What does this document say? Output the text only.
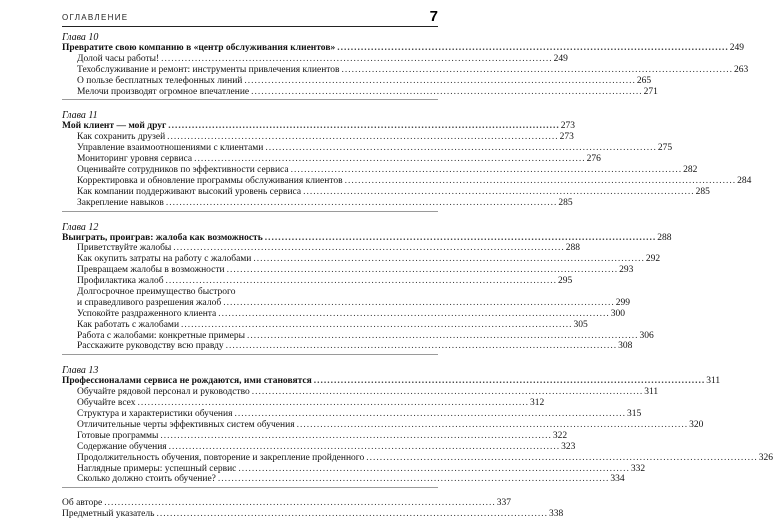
ОГЛАВЛЕНИЕ	7
Глава 10
Превратите свою компанию в «центр обслуживания клиентов» .................................................................................................................... 249
Долой часы работы! .................................................................................................................... 249
Техобслуживание и ремонт: инструменты привлечения клиентов .................................................................................................................... 263
О пользе бесплатных телефонных линий .................................................................................................................... 265
Мелочи производят огромное впечатление .................................................................................................................... 271
Глава 11
Мой клиент — мой друг .................................................................................................................... 273
Как сохранить друзей .................................................................................................................... 273
Управление взаимоотношениями с клиентами .................................................................................................................... 275
Мониторинг уровня сервиса .................................................................................................................... 276
Оценивайте сотрудников по эффективности сервиса .................................................................................................................... 282
Корректировка и обновление программы обслуживания клиентов .................................................................................................................... 284
Как компании поддерживают высокий уровень сервиса .................................................................................................................... 285
Закрепление навыков .................................................................................................................... 285
Глава 12
Выиграть, проиграв: жалоба как возможность .................................................................................................................... 288
Приветствуйте жалобы .................................................................................................................... 288
Как окупить затраты на работу с жалобами .................................................................................................................... 292
Превращаем жалобы в возможности .................................................................................................................... 293
Профилактика жалоб .................................................................................................................... 295
Долгосрочное преимущество быстрого
и справедливого разрешения жалоб .................................................................................................................... 299
Успокойте раздраженного клиента .................................................................................................................... 300
Как работать с жалобами .................................................................................................................... 305
Работа с жалобами: конкретные примеры .................................................................................................................... 306
Расскажите руководству всю правду .................................................................................................................... 308
Глава 13
Профессионалами сервиса не рождаются, ими становятся .................................................................................................................... 311
Обучайте рядовой персонал и руководство .................................................................................................................... 311
Обучайте всех .................................................................................................................... 312
Структура и характеристики обучения .................................................................................................................... 315
Отличительные черты эффективных систем обучения .................................................................................................................... 320
Готовые программы .................................................................................................................... 322
Содержание обучения .................................................................................................................... 323
Продолжительность обучения, повторение и закрепление пройденного .................................................................................................................... 326
Наглядные примеры: успешный сервис .................................................................................................................... 332
Сколько должно стоить обучение? .................................................................................................................... 334
Об авторе .................................................................................................................... 337
Предметный указатель .................................................................................................................... 338
